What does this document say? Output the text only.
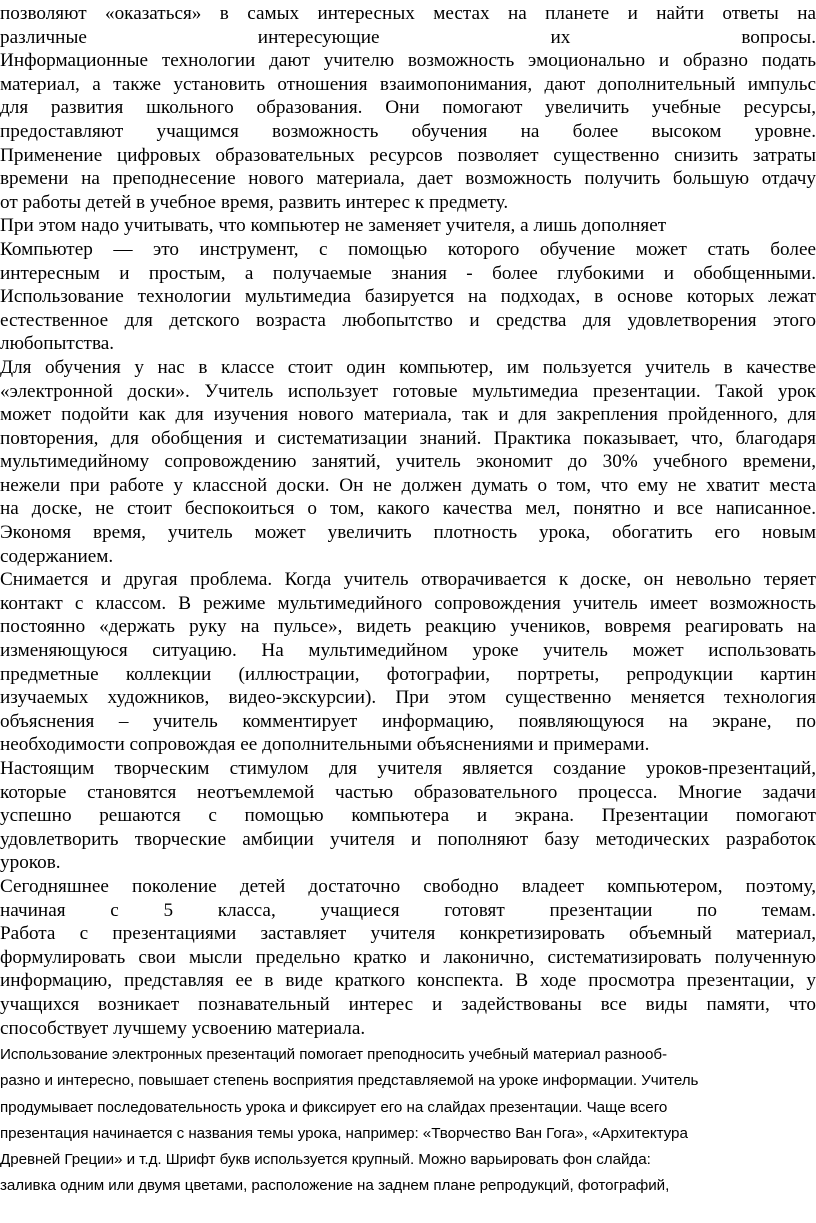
позволяют «оказаться» в самых интересных местах на планете и найти ответы на
различные интересующие их вопросы.

Информационные технологии дают учителю возможность эмоционально и образно подать
материал, а также установить отношения взаимопонимания, дают дополнительный импульс
для развития школьного образования. Они помогают увеличить учебные ресурсы,
предоставляют учащимся возможность обучения на более высоком уровне.
Применение цифровых образовательных ресурсов позволяет существенно снизить затраты
времени на преподнесение нового материала, дает возможность получить большую отдачу
от работы детей в учебное время, развить интерес к предмету.

При этом надо учитывать, что компьютер не заменяет учителя, а лишь дополняет

Компьютер — это инструмент, с помощью которого обучение может стать более
интересным и простым, а получаемые знания - более глубокими и обобщенными.
Использование технологии мультимедиа базируется на подходах, в основе которых лежат
естественное для детского возраста любопытство и средства для удовлетворения этого
любопытства.

Для обучения у нас в классе стоит один компьютер, им пользуется учитель в качестве
«электронной доски». Учитель использует готовые мультимедиа презентации. Такой урок
может подойти как для изучения нового материала, так и для закрепления пройденного, для
повторения, для обобщения и систематизации знаний. Практика показывает, что, благодаря
мультимедийному сопровождению занятий, учитель экономит до 30% учебного времени,
нежели при работе у классной доски. Он не должен думать о том, что ему не хватит места
на доске, не стоит беспокоиться о том, какого качества мел, понятно и все написанное.
Экономя время, учитель может увеличить плотность урока, обогатить его новым
содержанием.

Снимается и другая проблема. Когда учитель отворачивается к доске, он невольно теряет
контакт с классом. В режиме мультимедийного сопровождения учитель имеет возможность
постоянно «держать руку на пульсе», видеть реакцию учеников, вовремя реагировать на
изменяющуюся ситуацию. На мультимедийном уроке учитель может использовать
предметные коллекции (иллюстрации, фотографии, портреты, репродукции картин
изучаемых художников, видео-экскурсии). При этом существенно меняется технология
объяснения – учитель комментирует информацию, появляющуюся на экране, по
необходимости сопровождая ее дополнительными объяснениями и примерами.

Настоящим творческим стимулом для учителя является создание уроков-презентаций,
которые становятся неотъемлемой частью образовательного процесса. Многие задачи
успешно решаются с помощью компьютера и экрана. Презентации помогают
удовлетворить творческие амбиции учителя и пополняют базу методических разработок
уроков.

Сегодняшнее поколение детей достаточно свободно владеет компьютером, поэтому,
начиная с 5 класса, учащиеся готовят презентации по темам.
Работа с презентациями заставляет учителя конкретизировать объемный материал,
формулировать свои мысли предельно кратко и лаконично, систематизировать полученную
информацию, представляя ее в виде краткого конспекта. В ходе просмотра презентации, у
учащихся возникает познавательный интерес и задействованы все виды памяти, что
способствует лучшему усвоению материала.

Использование электронных презентаций помогает преподносить учебный материал разнооб-
разно и интересно, повышает степень восприятия представляемой на уроке информации. Учитель
продумывает последовательность урока и фиксирует его на слайдах презентации. Чаще всего
презентация начинается с названия темы урока, например: «Творчество Ван Гога», «Архитектура
Древней Греции» и т.д. Шрифт букв используется крупный. Можно варьировать фон слайда:
заливка одним или двумя цветами, расположение на заднем плане репродукций, фотографий,
